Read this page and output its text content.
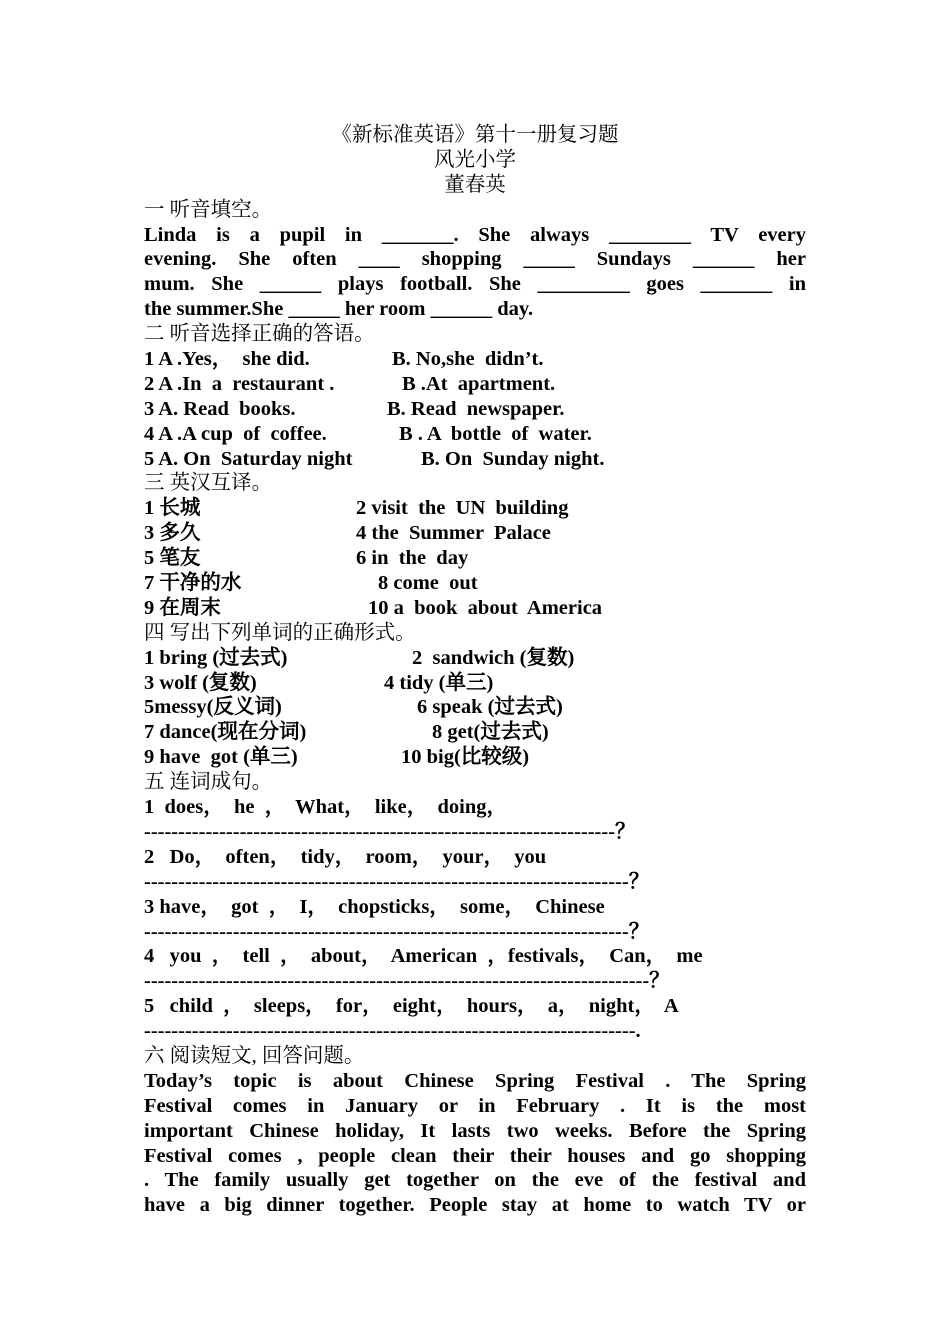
《新标准英语》第十一册复习题
风光小学
董春英
一 听音填空。
Linda is a pupil in _______. She always ________ TV every
evening. She often ____ shopping _____ Sundays ______ her
mum. She ______ plays football. She _________ goes _______ in
the summer.She _____ her room ______ day.
二 听音选择正确的答语。
1 A .Yes，  she did.	B. No,she  didn’t.
2 A .In  a  restaurant .	B .At  apartment.
3 A. Read  books.	B. Read  newspaper.
4 A .A cup  of  coffee.	B . A  bottle  of  water.
5 A. On  Saturday night	B. On  Sunday night.
三 英汉互译。
1 长城	2 visit  the  UN  building
3 多久	4 the  Summer  Palace
5 笔友	6 in  the  day
7 干净的水	8 come  out
9 在周末	10 a  book  about  America
四 写出下列单词的正确形式。
1 bring (过去式)	2  sandwich (复数)
3 wolf (复数)	4 tidy (单三)
5messy(反义词)	6 speak (过去式)
7 dance(现在分词)	8 get(过去式)
9 have  got (单三)	10 big(比较级)
五 连词成句。
1  does，  he  ，  What，  like，  doing，
---------------------------------------------------------------------？
2   Do，  often，  tidy，  room，  your，  you
-----------------------------------------------------------------------？
3 have，  got  ，  I，  chopsticks，  some，  Chinese
-----------------------------------------------------------------------？
4   you  ，  tell  ，  about，  American  ，festivals，  Can，  me
--------------------------------------------------------------------------？
5   child  ，  sleeps，  for，  eight，  hours，  a，  night，  A
------------------------------------------------------------------------.
六 阅读短文, 回答问题。
Today’s topic is about Chinese Spring Festival . The Spring
Festival comes in January or in February . It is the most
important Chinese holiday, It lasts two weeks. Before the Spring
Festival comes , people clean their their houses and go shopping
. The family usually get together on the eve of the festival and
have a big dinner together. People stay at home to watch TV or
